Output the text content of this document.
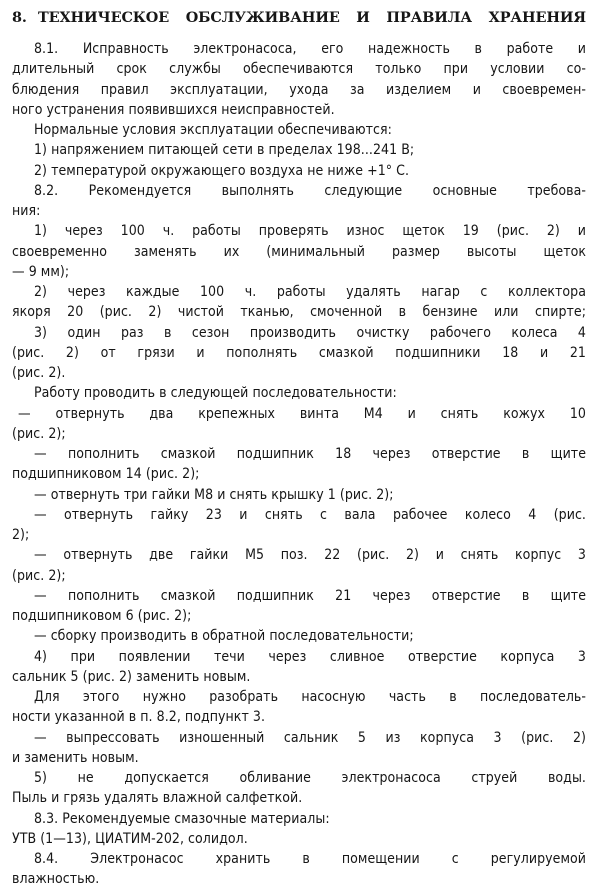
8. ТЕХНИЧЕСКОЕ ОБСЛУЖИВАНИЕ И ПРАВИЛА ХРАНЕНИЯ
8.1. Исправность электронасоса, его надежность в работе и
длительный срок службы обеспечиваются только при условии со-
блюдения правил эксплуатации, ухода за изделием и своевремен-
ного устранения появившихся неисправностей.
Нормальные условия эксплуатации обеспечиваются:
1) напряжением питающей сети в пределах 198...241 В;
2) температурой окружающего воздуха не ниже +1° С.
8.2. Рекомендуется выполнять следующие основные требова-
ния:
1) через 100 ч. работы проверять износ щеток 19 (рис. 2) и
своевременно заменять их (минимальный размер высоты щеток
— 9 мм);
2) через каждые 100 ч. работы удалять нагар с коллектора
якоря 20 (рис. 2) чистой тканью, смоченной в бензине или спирте;
3) один раз в сезон производить очистку рабочего колеса 4
(рис. 2) от грязи и пополнять смазкой подшипники 18 и 21
(рис. 2).
Работу проводить в следующей последовательности:
— отвернуть два крепежных винта М4 и снять кожух 10
(рис. 2);
— пополнить смазкой подшипник 18 через отверстие в щите
подшипниковом 14 (рис. 2);
— отвернуть три гайки М8 и снять крышку 1 (рис. 2);
— отвернуть гайку 23 и снять с вала рабочее колесо 4 (рис.
2);
— отвернуть две гайки М5 поз. 22 (рис. 2) и снять корпус 3
(рис. 2);
— пополнить смазкой подшипник 21 через отверстие в щите
подшипниковом 6 (рис. 2);
— сборку производить в обратной последовательности;
4) при появлении течи через сливное отверстие корпуса 3
сальник 5 (рис. 2) заменить новым.
Для этого нужно разобрать насосную часть в последователь-
ности указанной в п. 8.2, подпункт 3.
— выпрессовать изношенный сальник 5 из корпуса 3 (рис. 2)
и заменить новым.
5) не допускается обливание электронасоса струей воды.
Пыль и грязь удалять влажной салфеткой.
8.3. Рекомендуемые смазочные материалы:
УТВ (1—13), ЦИАТИМ-202, солидол.
8.4. Электронасос хранить в помещении с регулируемой
влажностью.
